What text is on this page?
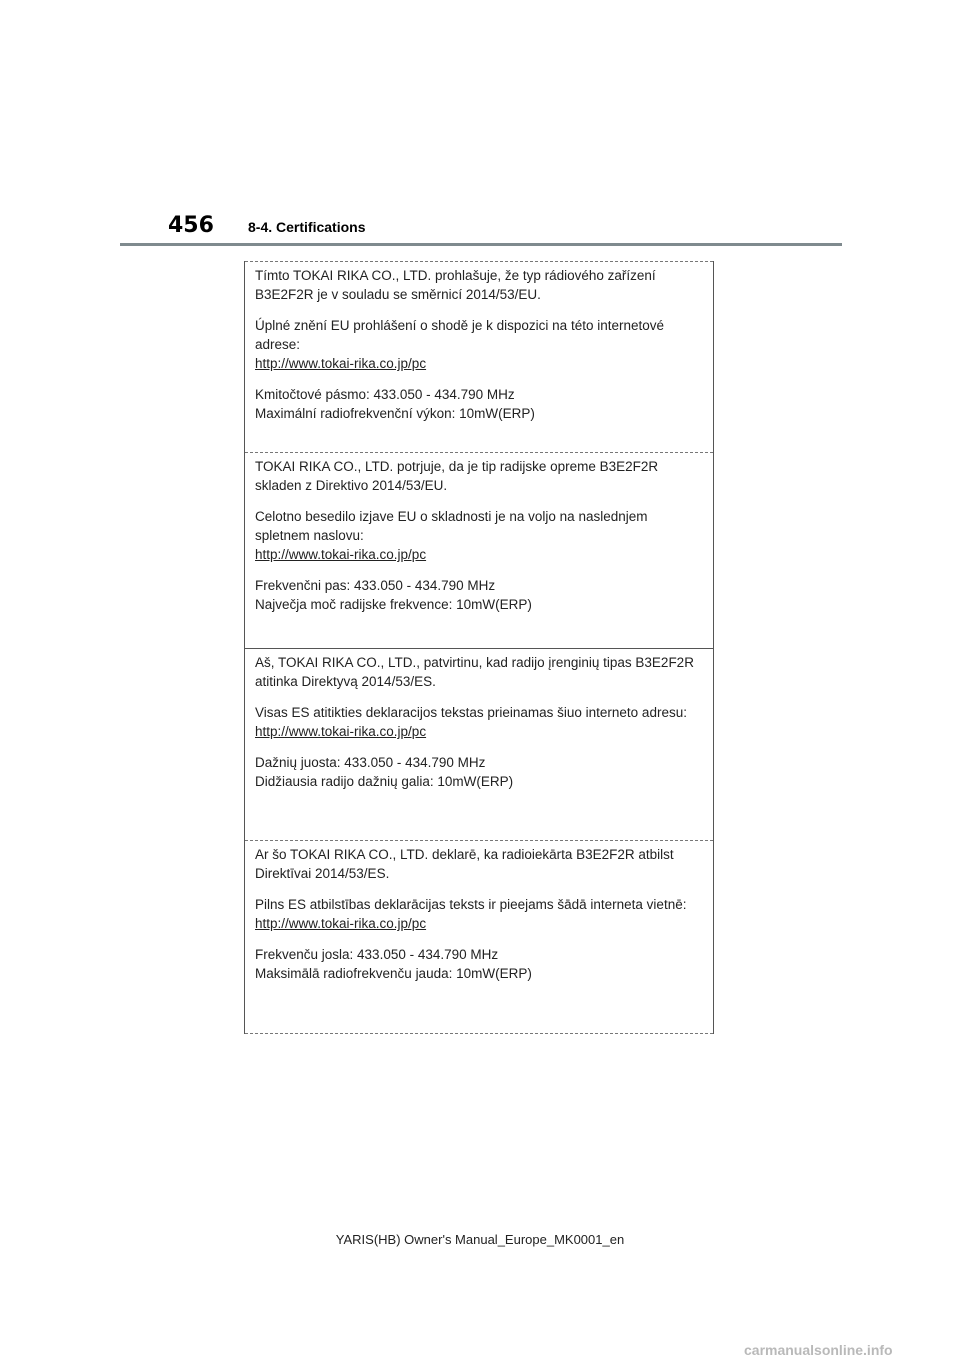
456 8-4. Certifications

Tímto TOKAI RIKA CO., LTD. prohlašuje, že typ rádiového zařízení B3E2F2R je v souladu se směrnicí 2014/53/EU.

Úplné znění EU prohlášení o shodě je k dispozici na této internetové adrese:
http://www.tokai-rika.co.jp/pc

Kmitočtové pásmo: 433.050 - 434.790 MHz
Maximální radiofrekvenční výkon: 10mW(ERP)

TOKAI RIKA CO., LTD. potrjuje, da je tip radijske opreme B3E2F2R skladen z Direktivo 2014/53/EU.

Celotno besedilo izjave EU o skladnosti je na voljo na naslednjem spletnem naslovu:
http://www.tokai-rika.co.jp/pc

Frekvenčni pas: 433.050 - 434.790 MHz
Največja moč radijske frekvence: 10mW(ERP)

Aš, TOKAI RIKA CO., LTD., patvirtinu, kad radijo įrenginių tipas B3E2F2R atitinka Direktyvą 2014/53/ES.

Visas ES atitikties deklaracijos tekstas prieinamas šiuo interneto adresu:
http://www.tokai-rika.co.jp/pc

Dažnių juosta: 433.050 - 434.790 MHz
Didžiausia radijo dažnių galia: 10mW(ERP)

Ar šo TOKAI RIKA CO., LTD. deklarē, ka radioiekārta B3E2F2R atbilst Direktīvai 2014/53/ES.

Pilns ES atbilstības deklarācijas teksts ir pieejams šādā interneta vietnē:
http://www.tokai-rika.co.jp/pc

Frekvenču josla: 433.050 - 434.790 MHz
Maksimālā radiofrekvenču jauda: 10mW(ERP)

YARIS(HB) Owner's Manual_Europe_MK0001_en
carmanualsonline.info
